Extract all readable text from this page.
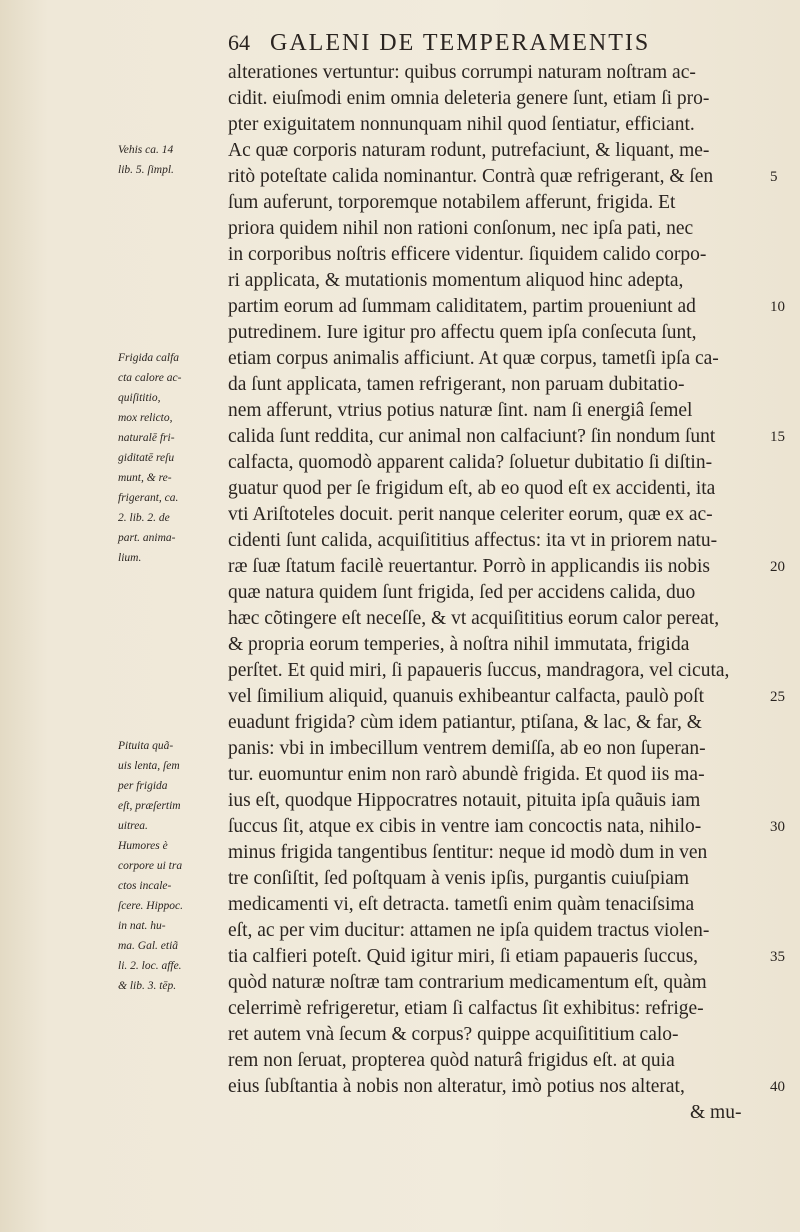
64 GALENI DE TEMPERAMENTIS
alterationes vertuntur: quibus corrumpi naturam noſtram ac-
cidit. eiuſmodi enim omnia deleteria genere ſunt, etiam ſi pro-
pter exiguitatem nonnunquam nihil quod ſentiatur, efficiant.
Ac quæ corporis naturam rodunt, putrefaciunt, & liquant, me-
ritò poteſtate calida nominantur. Contrà quæ refrigerant, & ſen
ſum auferunt, torporemque notabilem afferunt, frigida. Et
priora quidem nihil non rationi conſonum, nec ipſa pati, nec
in corporibus noſtris efficere videntur. ſiquidem calido corpo-
ri applicata, & mutationis momentum aliquod hinc adepta,
partim eorum ad ſummam caliditatem, partim proueniunt ad
putredinem. Iure igitur pro affectu quem ipſa conſecuta ſunt,
etiam corpus animalis afficiunt. At quæ corpus, tametſi ipſa ca-
da ſunt applicata, tamen refrigerant, non paruam dubitatio-
nem afferunt, vtrius potius naturæ ſint. nam ſi energiâ ſemel
calida ſunt reddita, cur animal non calfaciunt? ſin nondum ſunt
calfacta, quomodò apparent calida? ſoluetur dubitatio ſi diſtin-
guatur quod per ſe frigidum eſt, ab eo quod eſt ex accidenti, ita
vti Ariſtoteles docuit. perit nanque celeriter eorum, quæ ex ac-
cidenti ſunt calida, acquiſititius affectus: ita vt in priorem natu-
ræ ſuæ ſtatum facilè reuertantur. Porrò in applicandis iis nobis
quæ natura quidem ſunt frigida, ſed per accidens calida, duo
hæc cõtingere eſt neceſſe, & vt acquiſititius eorum calor pereat,
& propria eorum temperies, à noſtra nihil immutata, frigida
perſtet. Et quid miri, ſi papaueris ſuccus, mandragora, vel cicuta,
vel ſimilium aliquid, quanuis exhibeantur calfacta, paulò poſt
euadunt frigida? cùm idem patiantur, ptiſana, & lac, & far, &
panis: vbi in imbecillum ventrem demiſſa, ab eo non ſuperan-
tur. euomuntur enim non rarò abundè frigida. Et quod iis ma-
ius eſt, quodque Hippocratres notauit, pituita ipſa quãuis iam
ſuccus ſit, atque ex cibis in ventre iam concoctis nata, nihilo-
minus frigida tangentibus ſentitur: neque id modò dum in ven
tre conſiſtit, ſed poſtquam à venis ipſis, purgantis cuiuſpiam
medicamenti vi, eſt detracta. tametſi enim quàm tenaciſsima
eſt, ac per vim ducitur: attamen ne ipſa quidem tractus violen-
tia calfieri poteſt. Quid igitur miri, ſi etiam papaueris ſuccus,
quòd naturæ noſtræ tam contrarium medicamentum eſt, quàm
celerrimè refrigeretur, etiam ſi calfactus ſit exhibitus: refrige-
ret autem vnà ſecum & corpus? quippe acquiſititium calo-
rem non ſeruat, propterea quòd naturâ frigidus eſt. at quia
eius ſubſtantia à nobis non alteratur, imò potius nos alterat,
& mu-
5
10
15
20
25
30
35
40
Vehis ca. 14
lib. 5. ſimpl.
Frigida calfa
cta calore ac-
quiſititio,
mox relicto,
naturalē fri-
giditatē reſu
munt, & re-
frigerant, ca.
2. lib. 2. de
part. anima-
lium.
Pituita quã-
uis lenta, ſem
per frigida
eſt, præſertim
uitrea.
Humores è
corpore ui tra
ctos incale-
ſcere. Hippoc.
in nat. hu-
ma. Gal. etiã
li. 2. loc. affe.
& lib. 3. tēp.
